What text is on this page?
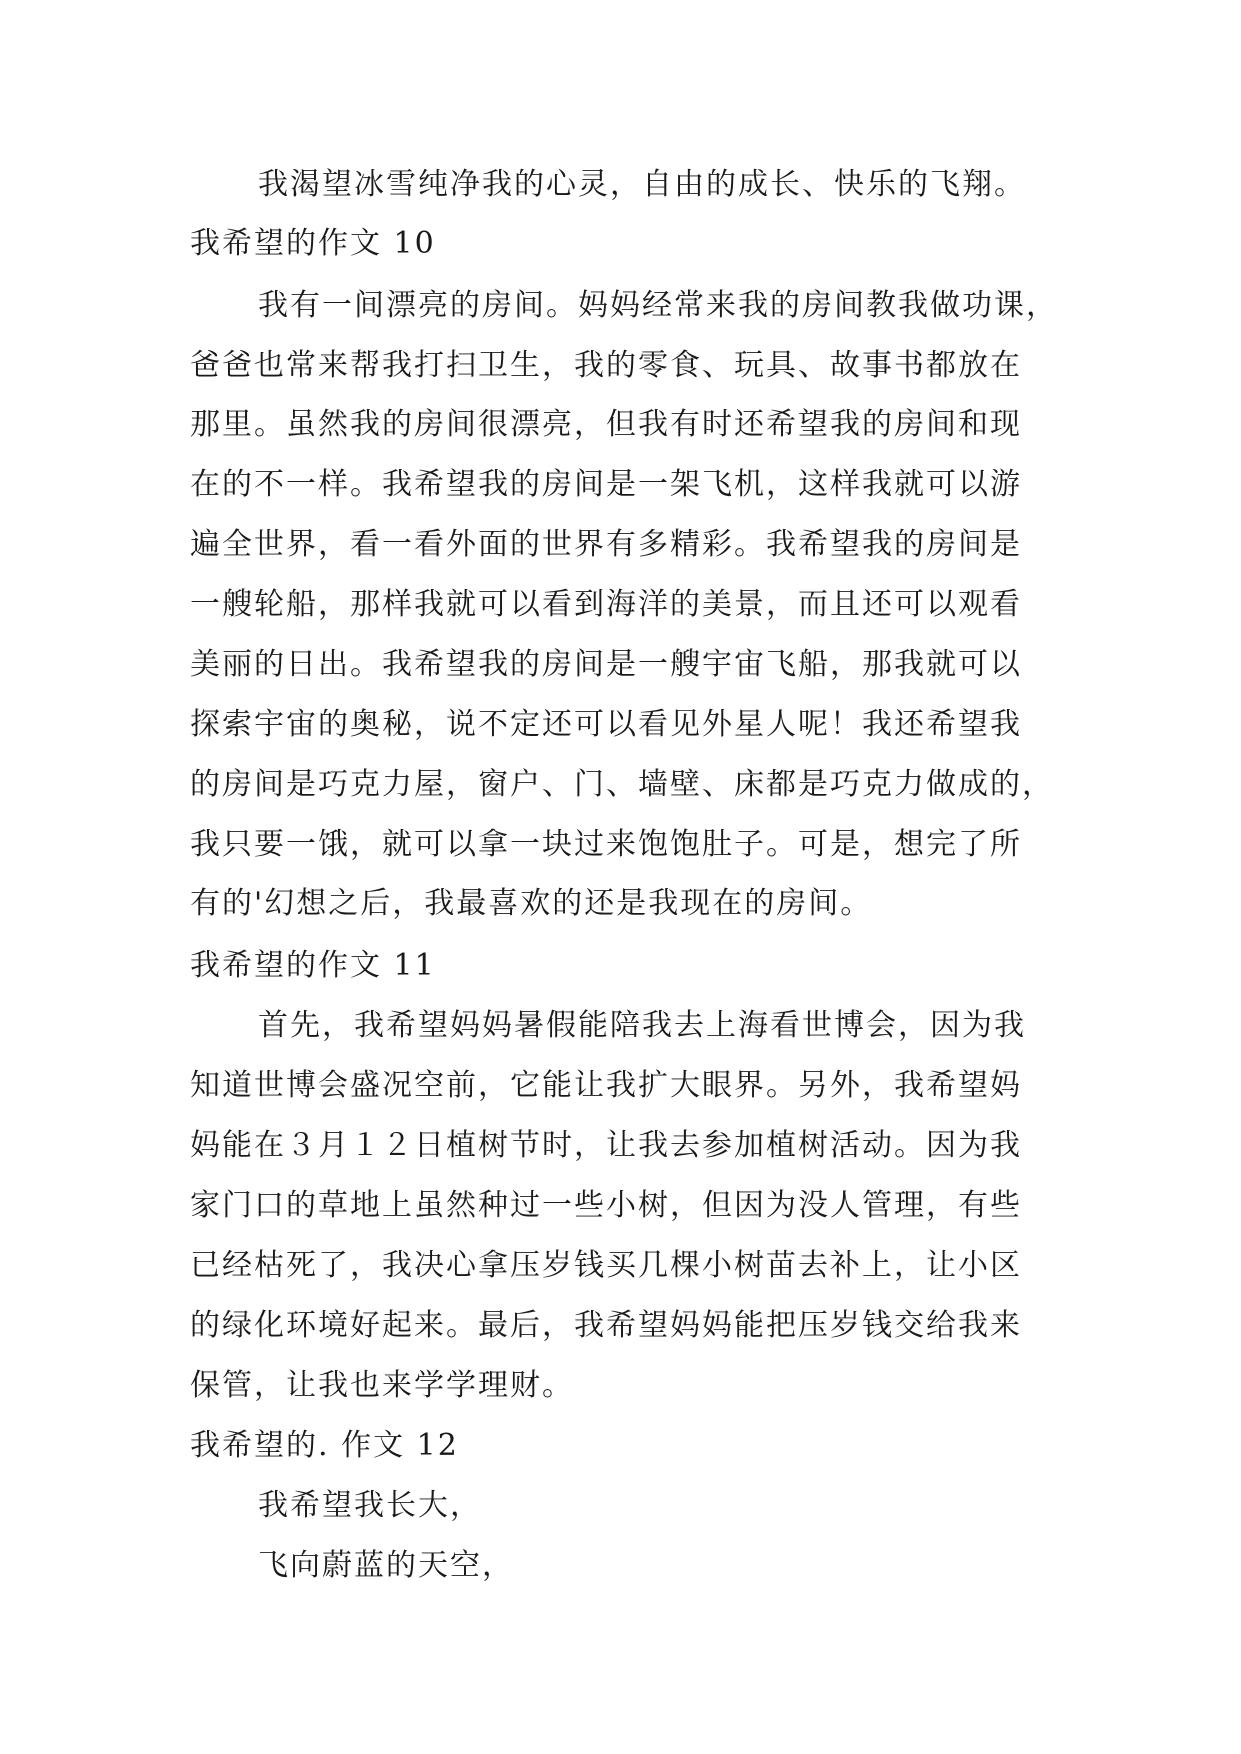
我渴望冰雪纯净我的心灵，自由的成长、快乐的飞翔。
我希望的作文 10
我有一间漂亮的房间。妈妈经常来我的房间教我做功课，
爸爸也常来帮我打扫卫生，我的零食、玩具、故事书都放在
那里。虽然我的房间很漂亮，但我有时还希望我的房间和现
在的不一样。我希望我的房间是一架飞机，这样我就可以游
遍全世界，看一看外面的世界有多精彩。我希望我的房间是
一艘轮船，那样我就可以看到海洋的美景，而且还可以观看
美丽的日出。我希望我的房间是一艘宇宙飞船，那我就可以
探索宇宙的奥秘，说不定还可以看见外星人呢！我还希望我
的房间是巧克力屋，窗户、门、墙壁、床都是巧克力做成的，
我只要一饿，就可以拿一块过来饱饱肚子。可是，想完了所
有的'幻想之后，我最喜欢的还是我现在的房间。
我希望的作文 11
首先，我希望妈妈暑假能陪我去上海看世博会，因为我
知道世博会盛况空前，它能让我扩大眼界。另外，我希望妈
妈能在３月１２日植树节时，让我去参加植树活动。因为我
家门口的草地上虽然种过一些小树，但因为没人管理，有些
已经枯死了，我决心拿压岁钱买几棵小树苗去补上，让小区
的绿化环境好起来。最后，我希望妈妈能把压岁钱交给我来
保管，让我也来学学理财。
我希望的. 作文 12
我希望我长大，
飞向蔚蓝的天空，
